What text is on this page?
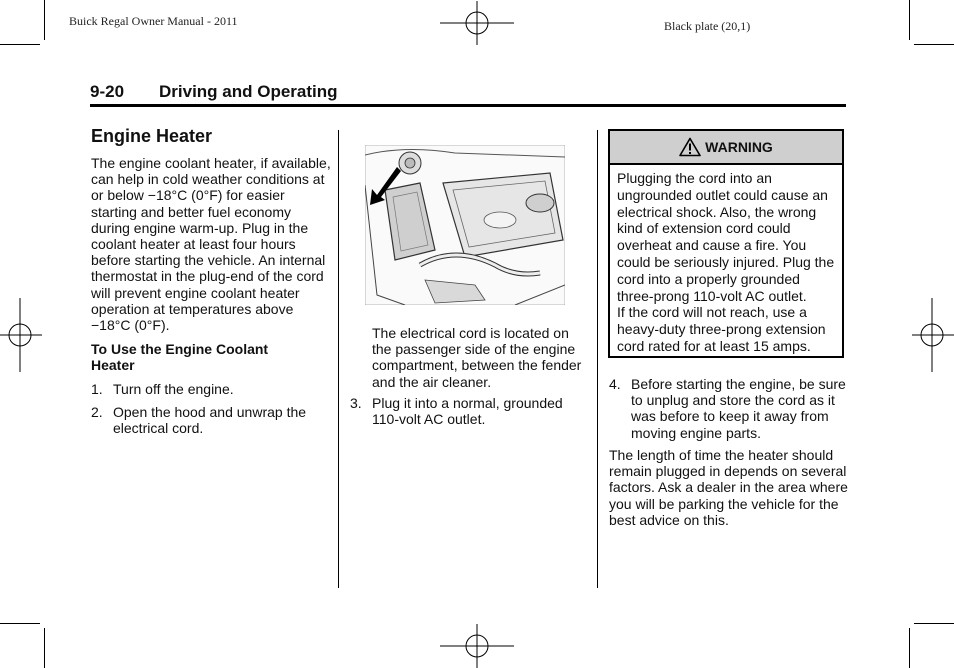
Buick Regal Owner Manual - 2011	Black plate (20,1)
9-20 Driving and Operating
Engine Heater

The engine coolant heater, if available, can help in cold weather conditions at or below −18°C (0°F) for easier starting and better fuel economy during engine warm-up. Plug in the coolant heater at least four hours before starting the vehicle. An internal thermostat in the plug-end of the cord will prevent engine coolant heater operation at temperatures above −18°C (0°F).

To Use the Engine Coolant Heater
1. Turn off the engine.
2. Open the hood and unwrap the electrical cord.

The electrical cord is located on the passenger side of the engine compartment, between the fender and the air cleaner.

3. Plug it into a normal, grounded 110-volt AC outlet.
WARNING
Plugging the cord into an ungrounded outlet could cause an electrical shock. Also, the wrong kind of extension cord could overheat and cause a fire. You could be seriously injured. Plug the cord into a properly grounded three-prong 110-volt AC outlet.
If the cord will not reach, use a heavy-duty three-prong extension cord rated for at least 15 amps.
4. Before starting the engine, be sure to unplug and store the cord as it was before to keep it away from moving engine parts.

The length of time the heater should remain plugged in depends on several factors. Ask a dealer in the area where you will be parking the vehicle for the best advice on this.
